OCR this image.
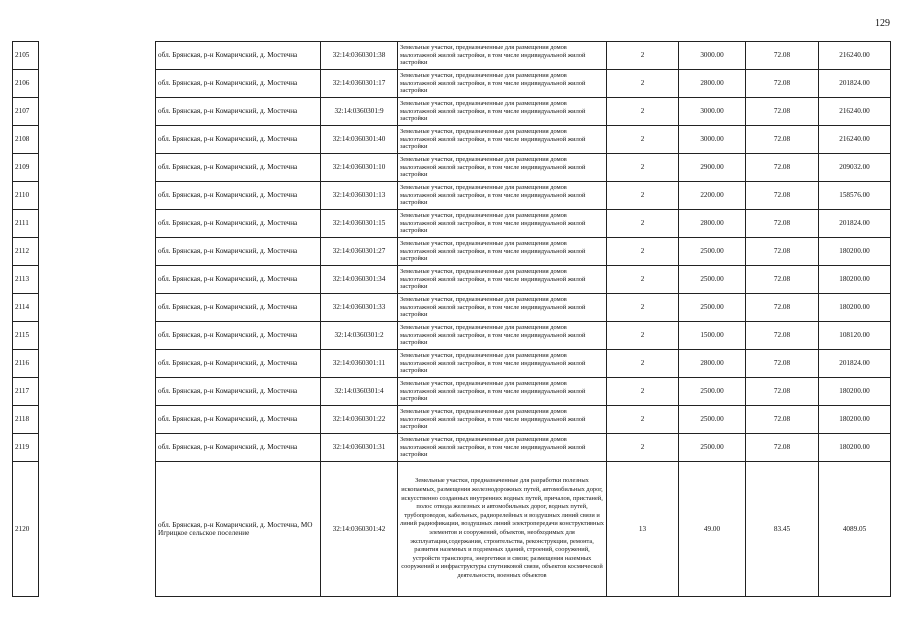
129
2105		обл. Брянская, р-н Комаричский, д. Мостечна	32:14:0360301:38	Земельные участки, предназначенные для размещения домов малоэтажной жилой застройки, в том числе индивидуальной жилой застройки	2	3000.00	72.08	216240.00
2106		обл. Брянская, р-н Комаричский, д. Мостечна	32:14:0360301:17	Земельные участки, предназначенные для размещения домов малоэтажной жилой застройки, в том числе индивидуальной жилой застройки	2	2800.00	72.08	201824.00
2107		обл. Брянская, р-н Комаричский, д. Мостечна	32:14:0360301:9	Земельные участки, предназначенные для размещения домов малоэтажной жилой застройки, в том числе индивидуальной жилой застройки	2	3000.00	72.08	216240.00
2108		обл. Брянская, р-н Комаричский, д. Мостечна	32:14:0360301:40	Земельные участки, предназначенные для размещения домов малоэтажной жилой застройки, в том числе индивидуальной жилой застройки	2	3000.00	72.08	216240.00
2109		обл. Брянская, р-н Комаричский, д. Мостечна	32:14:0360301:10	Земельные участки, предназначенные для размещения домов малоэтажной жилой застройки, в том числе индивидуальной жилой застройки	2	2900.00	72.08	209032.00
2110		обл. Брянская, р-н Комаричский, д. Мостечна	32:14:0360301:13	Земельные участки, предназначенные для размещения домов малоэтажной жилой застройки, в том числе индивидуальной жилой застройки	2	2200.00	72.08	158576.00
2111		обл. Брянская, р-н Комаричский, д. Мостечна	32:14:0360301:15	Земельные участки, предназначенные для размещения домов малоэтажной жилой застройки, в том числе индивидуальной жилой застройки	2	2800.00	72.08	201824.00
2112		обл. Брянская, р-н Комаричский, д. Мостечна	32:14:0360301:27	Земельные участки, предназначенные для размещения домов малоэтажной жилой застройки, в том числе индивидуальной жилой застройки	2	2500.00	72.08	180200.00
2113		обл. Брянская, р-н Комаричский, д. Мостечна	32:14:0360301:34	Земельные участки, предназначенные для размещения домов малоэтажной жилой застройки, в том числе индивидуальной жилой застройки	2	2500.00	72.08	180200.00
2114		обл. Брянская, р-н Комаричский, д. Мостечна	32:14:0360301:33	Земельные участки, предназначенные для размещения домов малоэтажной жилой застройки, в том числе индивидуальной жилой застройки	2	2500.00	72.08	180200.00
2115		обл. Брянская, р-н Комаричский, д. Мостечна	32:14:0360301:2	Земельные участки, предназначенные для размещения домов малоэтажной жилой застройки, в том числе индивидуальной жилой застройки	2	1500.00	72.08	108120.00
2116		обл. Брянская, р-н Комаричский, д. Мостечна	32:14:0360301:11	Земельные участки, предназначенные для размещения домов малоэтажной жилой застройки, в том числе индивидуальной жилой застройки	2	2800.00	72.08	201824.00
2117		обл. Брянская, р-н Комаричский, д. Мостечна	32:14:0360301:4	Земельные участки, предназначенные для размещения домов малоэтажной жилой застройки, в том числе индивидуальной жилой застройки	2	2500.00	72.08	180200.00
2118		обл. Брянская, р-н Комаричский, д. Мостечна	32:14:0360301:22	Земельные участки, предназначенные для размещения домов малоэтажной жилой застройки, в том числе индивидуальной жилой застройки	2	2500.00	72.08	180200.00
2119		обл. Брянская, р-н Комаричский, д. Мостечна	32:14:0360301:31	Земельные участки, предназначенные для размещения домов малоэтажной жилой застройки, в том числе индивидуальной жилой застройки	2	2500.00	72.08	180200.00
2120		обл. Брянская, р-н Комаричский, д. Мостечна, МО Игрицкое сельское поселение	32:14:0360301:42	Земельные участки, предназначенные для разработки полезных ископаемых, размещения железнодорожных путей, автомобильных дорог, искусственно созданных внутренних водных путей, причалов, пристаней, полос отвода железных и автомобильных дорог, водных путей, трубопроводов, кабельных, радиорелейных и воздушных линий связи и линий радиофикации, воздушных линий электропередачи конструктивных элементов и сооружений, объектов, необходимых для эксплуатации,содержания, строительства, реконструкции, ремонта, развития наземных и подземных зданий, строений, сооружений, устройств транспорта, энергетики и связи; размещения наземных сооружений и инфраструктуры спутниковой связи, объектов космической деятельности, военных объектов	13	49.00	83.45	4089.05
